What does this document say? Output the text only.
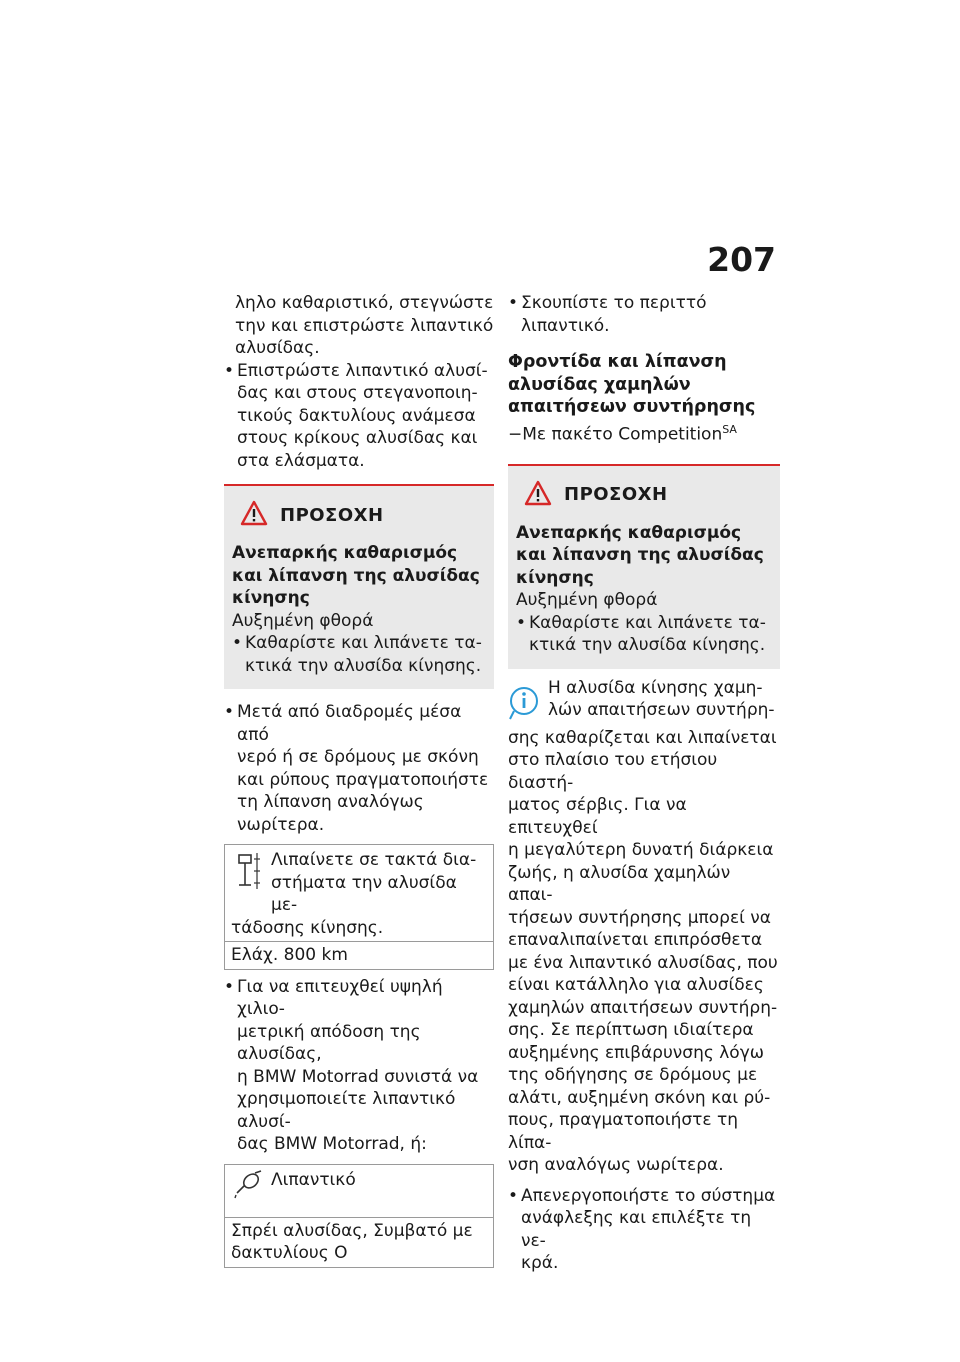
207
ληλο καθαριστικό, στεγνώστε
την και επιστρώστε λιπαντικό
αλυσίδας.
• Επιστρώστε λιπαντικό αλυσί-
δας και στους στεγανοποιη-
τικούς δακτυλίους ανάμεσα
στους κρίκους αλυσίδας και
στα ελάσματα.
ΠΡΟΣΟΧΗ
Ανεπαρκής καθαρισμός
και λίπανση της αλυσίδας
κίνησης
Αυξημένη φθορά
• Καθαρίστε και λιπάνετε τα-
κτικά την αλυσίδα κίνησης.
• Μετά από διαδρομές μέσα από
νερό ή σε δρόμους με σκόνη
και ρύπους πραγματοποιήστε
τη λίπανση αναλόγως νωρίτερα.
Λιπαίνετε σε τακτά δια-
στήματα την αλυσίδα με-
τάδοσης κίνησης.
Ελάχ. 800 km
• Για να επιτευχθεί υψηλή χιλιο-
μετρική απόδοση της αλυσίδας,
η BMW Motorrad συνιστά να
χρησιμοποιείτε λιπαντικό αλυσί-
δας BMW Motorrad, ή:
Λιπαντικό
Σπρέι αλυσίδας, Συμβατό με
δακτυλίους Ο
• Σκουπίστε το περιττό λιπαντικό.
Φροντίδα και λίπανση
αλυσίδας χαμηλών
απαιτήσεων συντήρησης
−Με πακέτο Competition$^{SA}$
ΠΡΟΣΟΧΗ
Ανεπαρκής καθαρισμός
και λίπανση της αλυσίδας
κίνησης
Αυξημένη φθορά
• Καθαρίστε και λιπάνετε τα-
κτικά την αλυσίδα κίνησης.
Η αλυσίδα κίνησης χαμη-
λών απαιτήσεων συντήρη-
σης καθαρίζεται και λιπαίνεται
στο πλαίσιο του ετήσιου διαστή-
ματος σέρβις. Για να επιτευχθεί
η μεγαλύτερη δυνατή διάρκεια
ζωής, η αλυσίδα χαμηλών απαι-
τήσεων συντήρησης μπορεί να
επαναλιπαίνεται επιπρόσθετα
με ένα λιπαντικό αλυσίδας, που
είναι κατάλληλο για αλυσίδες
χαμηλών απαιτήσεων συντήρη-
σης. Σε περίπτωση ιδιαίτερα
αυξημένης επιβάρυνσης λόγω
της οδήγησης σε δρόμους με
αλάτι, αυξημένη σκόνη και ρύ-
πους, πραγματοποιήστε τη λίπα-
νση αναλόγως νωρίτερα.
• Απενεργοποιήστε το σύστημα
ανάφλεξης και επιλέξτε τη νε-
κρά.
